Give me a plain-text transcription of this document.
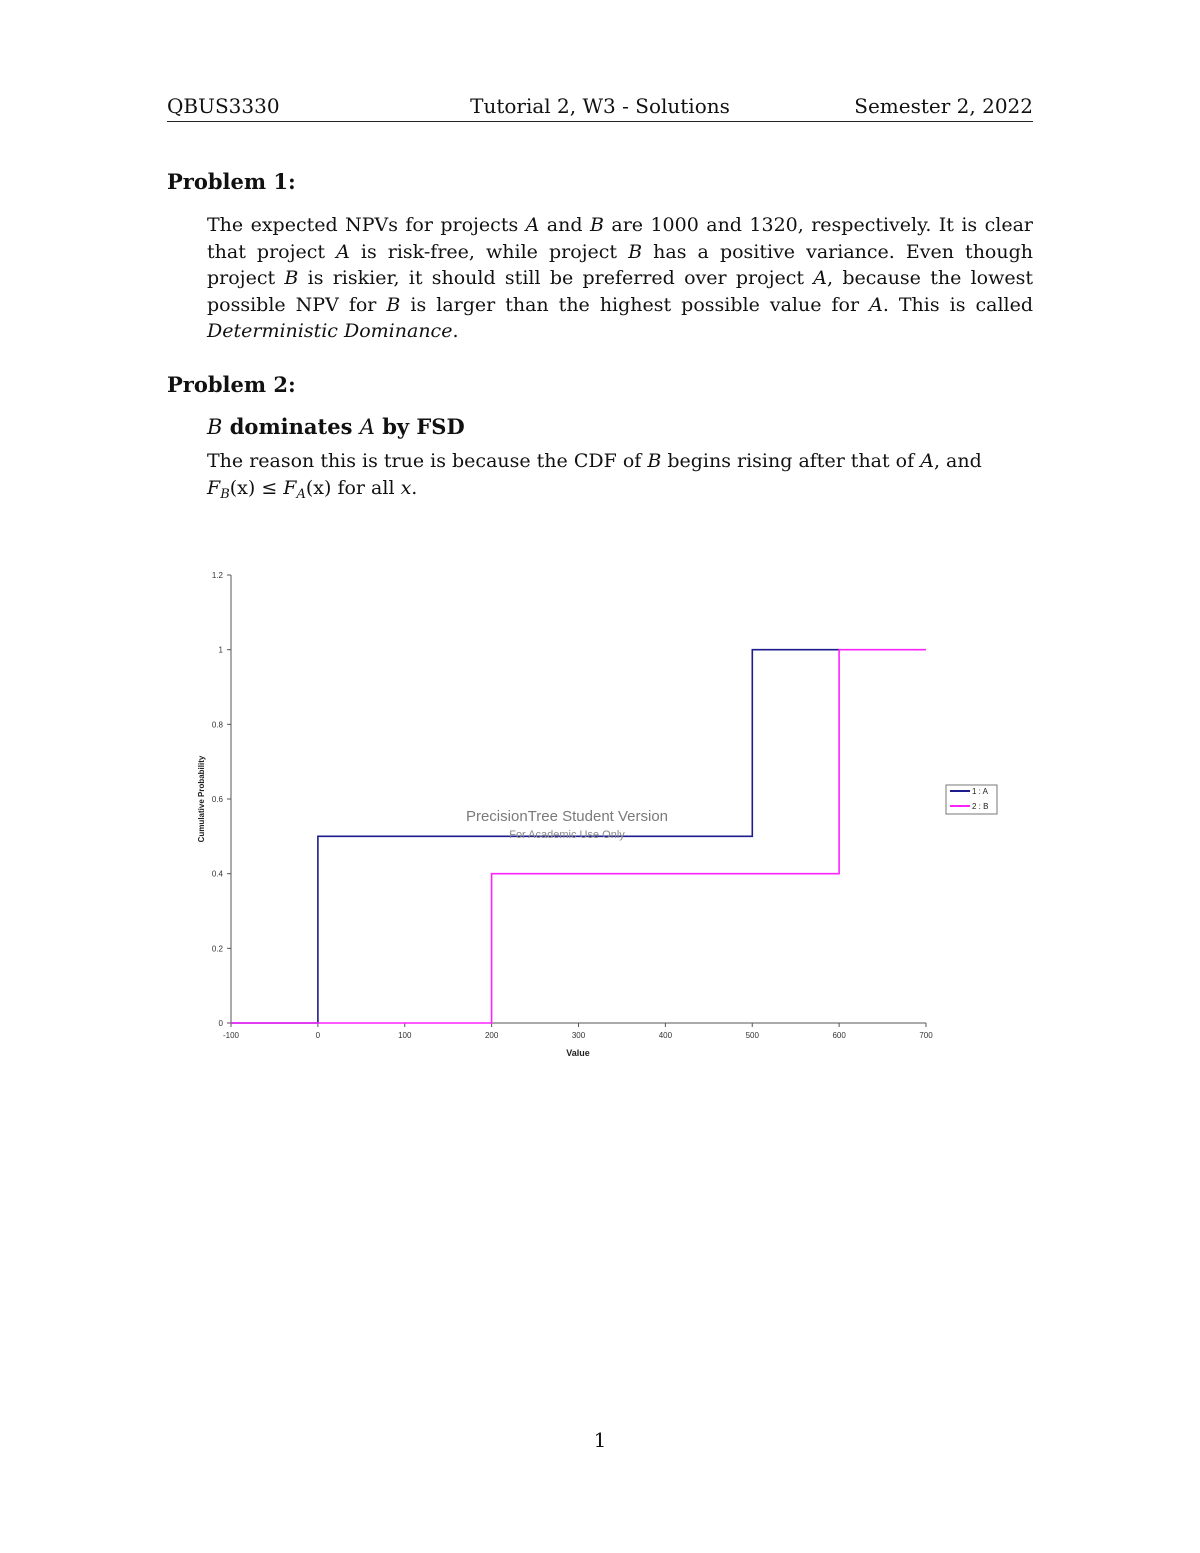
QBUS3330	Tutorial 2, W3 - Solutions	Semester 2, 2022
Problem 1:
The expected NPVs for projects A and B are 1000 and 1320, respectively. It is clear that project A is risk-free, while project B has a positive variance. Even though project B is riskier, it should still be preferred over project A, because the lowest possible NPV for B is larger than the highest possible value for A. This is called Deterministic Dominance.
Problem 2:
B dominates A by FSD
The reason this is true is because the CDF of B begins rising after that of A, and
$F_B(x) \le F_A(x)$ for all x.
-100	0	100	200	300	400	500	600	700
0
0.2
0.4
0.6
0.8
1
1.2
Value
Cumulative Probability	PrecisionTree Student Version
For Academic Use Only
1 : A
2 : B
1
